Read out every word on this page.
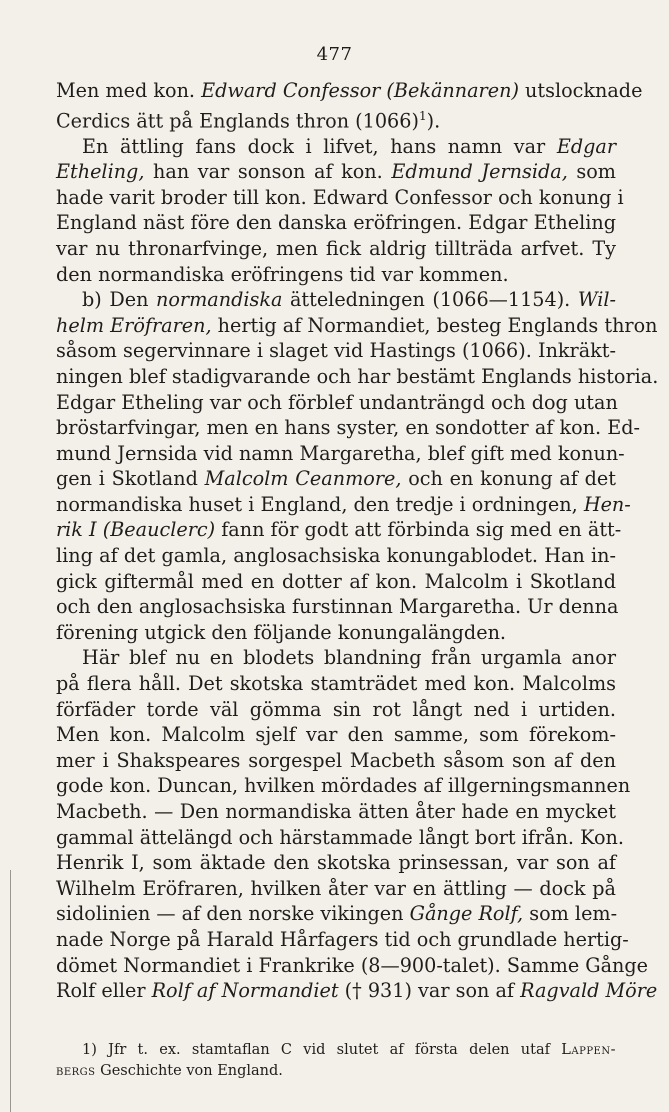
477
Men med kon. Edward Confessor (Bekännaren) utslocknade
Cerdics ätt på Englands thron $(1066)^1$).
En ättling fans dock i lifvet, hans namn var Edgar
Etheling, han var sonson af kon. Edmund Jernsida, som
hade varit broder till kon. Edward Confessor och konung i
England näst före den danska eröfringen. Edgar Etheling
var nu thronarfvinge, men fick aldrig tillträda arfvet. Ty
den normandiska eröfringens tid var kommen.
b) Den normandiska ätteledningen (1066—1154). Wil-
helm Eröfraren, hertig af Normandiet, besteg Englands thron
såsom segervinnare i slaget vid Hastings (1066). Inkräkt-
ningen blef stadigvarande och har bestämt Englands historia.
Edgar Etheling var och förblef undanträngd och dog utan
bröstarfvingar, men en hans syster, en sondotter af kon. Ed-
mund Jernsida vid namn Margaretha, blef gift med konun-
gen i Skotland Malcolm Ceanmore, och en konung af det
normandiska huset i England, den tredje i ordningen, Hen-
rik I (Beauclerc) fann för godt att förbinda sig med en ätt-
ling af det gamla, anglosachsiska konungablodet. Han in-
gick giftermål med en dotter af kon. Malcolm i Skotland
och den anglosachsiska furstinnan Margaretha. Ur denna
förening utgick den följande konungalängden.
Här blef nu en blodets blandning från urgamla anor
på flera håll. Det skotska stamträdet med kon. Malcolms
förfäder torde väl gömma sin rot långt ned i urtiden.
Men kon. Malcolm sjelf var den samme, som förekom-
mer i Shakspeares sorgespel Macbeth såsom son af den
gode kon. Duncan, hvilken mördades af illgerningsmannen
Macbeth. — Den normandiska ätten åter hade en mycket
gammal ättelängd och härstammade långt bort ifrån. Kon.
Henrik I, som äktade den skotska prinsessan, var son af
Wilhelm Eröfraren, hvilken åter var en ättling — dock på
sidolinien — af den norske vikingen Gånge Rolf, som lem-
nade Norge på Harald Hårfagers tid och grundlade hertig-
dömet Normandiet i Frankrike (8—900-talet). Samme Gånge
Rolf eller Rolf af Normandiet († 931) var son af Ragvald Möre
1) Jfr t. ex. stamtaflan C vid slutet af första delen utaf Lappen-
bergs Geschichte von England.
